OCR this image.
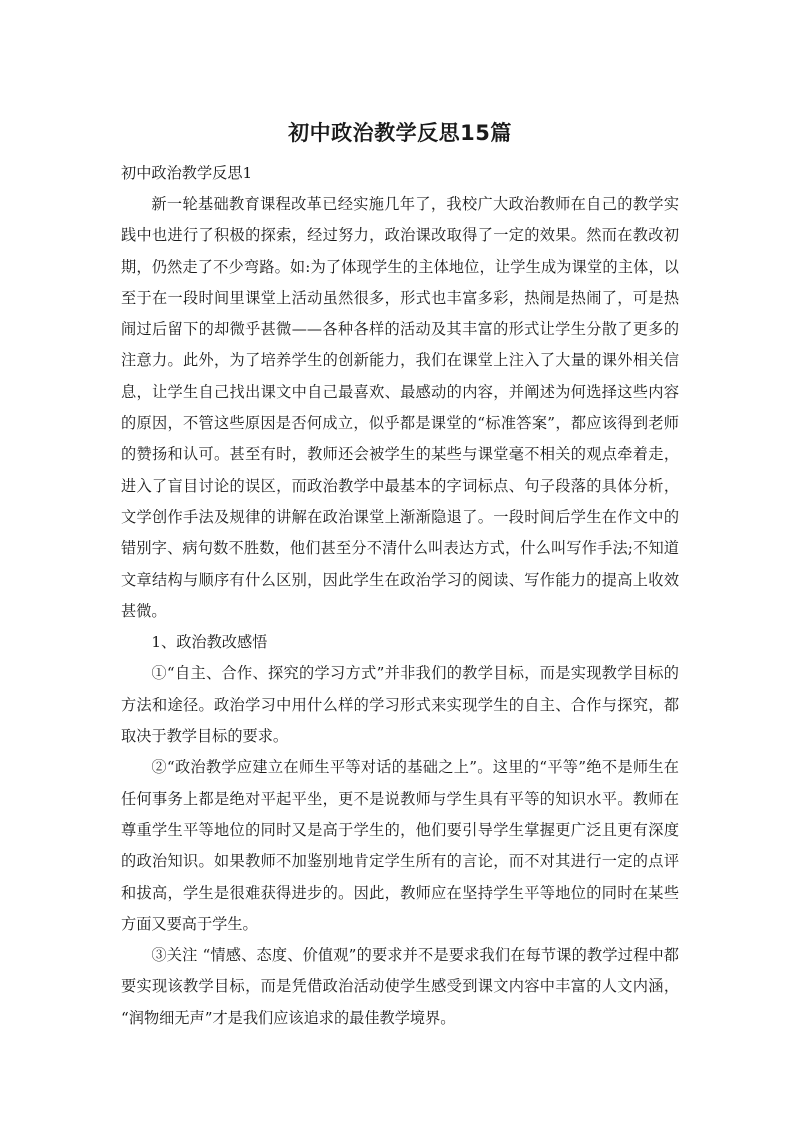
初中政治教学反思15篇

初中政治教学反思1

新一轮基础教育课程改革已经实施几年了，我校广大政治教师在自己的教学实践中也进行了积极的探索，经过努力，政治课改取得了一定的效果。然而在教改初期，仍然走了不少弯路。如:为了体现学生的主体地位，让学生成为课堂的主体，以至于在一段时间里课堂上活动虽然很多，形式也丰富多彩，热闹是热闹了，可是热闹过后留下的却微乎甚微——各种各样的活动及其丰富的形式让学生分散了更多的注意力。此外，为了培养学生的创新能力，我们在课堂上注入了大量的课外相关信息，让学生自己找出课文中自己最喜欢、最感动的内容，并阐述为何选择这些内容的原因，不管这些原因是否何成立，似乎都是课堂的“标准答案”，都应该得到老师的赞扬和认可。甚至有时，教师还会被学生的某些与课堂毫不相关的观点牵着走，进入了盲目讨论的误区，而政治教学中最基本的字词标点、句子段落的具体分析，文学创作手法及规律的讲解在政治课堂上渐渐隐退了。一段时间后学生在作文中的错别字、病句数不胜数，他们甚至分不清什么叫表达方式，什么叫写作手法;不知道文章结构与顺序有什么区别，因此学生在政治学习的阅读、写作能力的提高上收效甚微。

1、政治教改感悟

①“自主、合作、探究的学习方式”并非我们的教学目标，而是实现教学目标的方法和途径。政治学习中用什么样的学习形式来实现学生的自主、合作与探究，都取决于教学目标的要求。

②“政治教学应建立在师生平等对话的基础之上”。这里的“平等”绝不是师生在任何事务上都是绝对平起平坐，更不是说教师与学生具有平等的知识水平。教师在尊重学生平等地位的同时又是高于学生的，他们要引导学生掌握更广泛且更有深度的政治知识。如果教师不加鉴别地肯定学生所有的言论，而不对其进行一定的点评和拔高，学生是很难获得进步的。因此，教师应在坚持学生平等地位的同时在某些方面又要高于学生。

③关注 “情感、态度、价值观”的要求并不是要求我们在每节课的教学过程中都要实现该教学目标，而是凭借政治活动使学生感受到课文内容中丰富的人文内涵， “润物细无声”才是我们应该追求的最佳教学境界。
